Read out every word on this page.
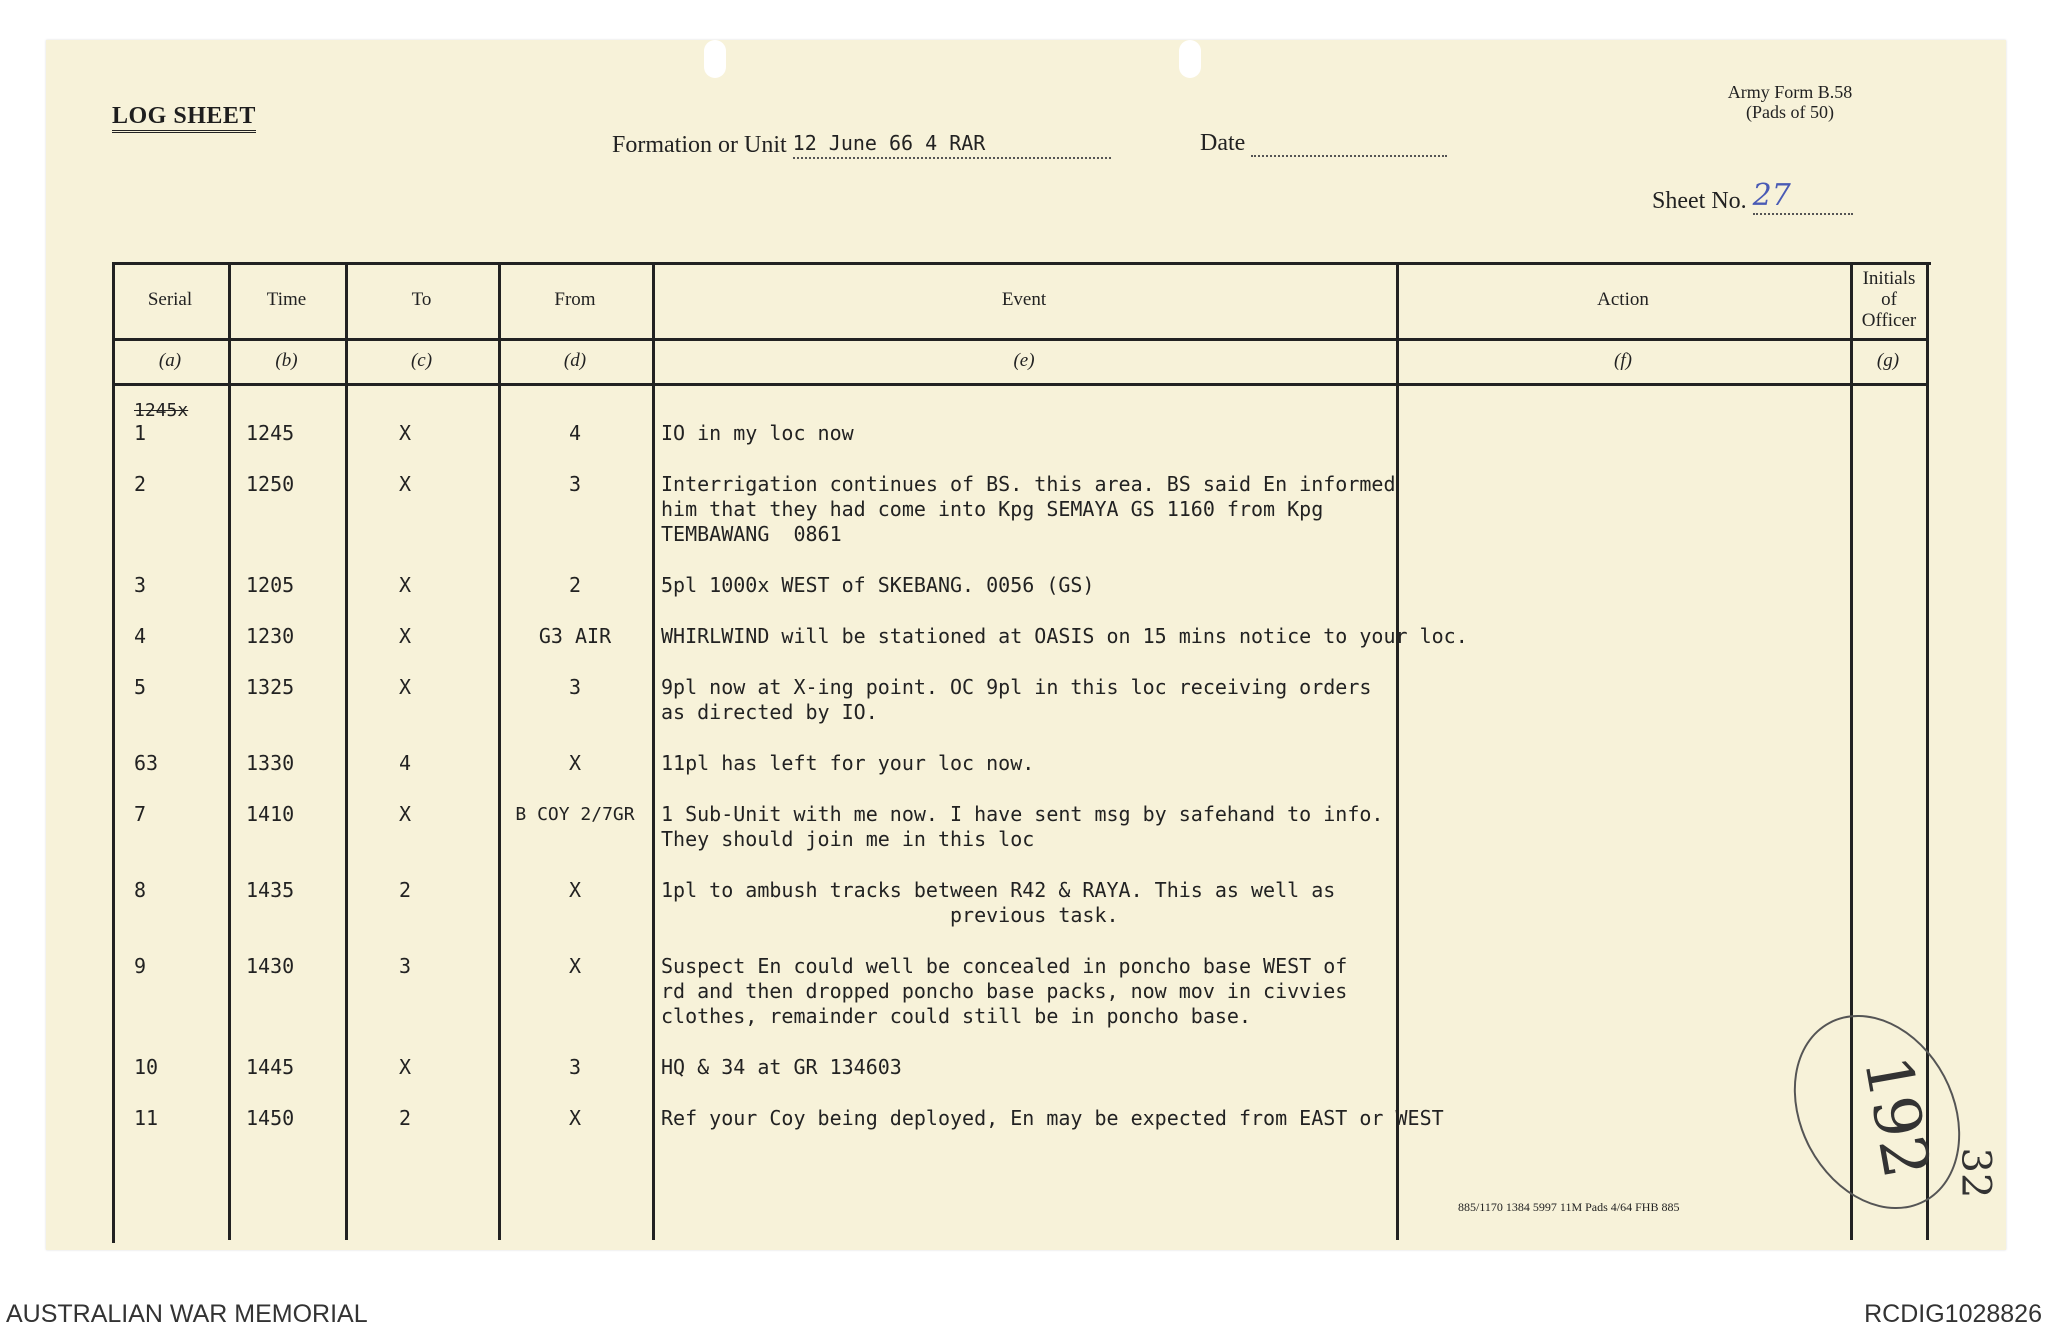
LOG SHEET
Formation or Unit 12 June 66 4 RAR	Date
Army Form B.58
(Pads of 50)
Sheet No. 27
Serial	Time	To	From	Event	Action
Initials of Officer
(a)	(b)	(c)	(d)	(e)	(f)	(g)
1245x
1	1245	X	4	IO in my loc now
2	1250	X	3	Interrigation continues of BS. this area. BS said En informed
him that they had come into Kpg SEMAYA GS 1160 from Kpg
TEMBAWANG  0861
3	1205	X	2	5pl 1000x WEST of SKEBANG. 0056 (GS)
4	1230	X	G3 AIR	WHIRLWIND will be stationed at OASIS on 15 mins notice to your loc.
5	1325	X	3	9pl now at X-ing point. OC 9pl in this loc receiving orders
as directed by IO.
63	1330	4	X	11pl has left for your loc now.
7	1410	X	B COY 2/7GR	1 Sub-Unit with me now. I have sent msg by safehand to info.
They should join me in this loc
8	1435	2	X	1pl to ambush tracks between R42 & RAYA. This as well as
previous task.
9	1430	3	X	Suspect En could well be concealed in poncho base WEST of
rd and then dropped poncho base packs, now mov in civvies
clothes, remainder could still be in poncho base.
10	1445	X	3	HQ & 34 at GR 134603
11	1450	2	X	Ref your Coy being deployed, En may be expected from EAST or WEST
885/1170 1384 5997 11M Pads 4/64 FHB 885
192 32
AUSTRALIAN WAR MEMORIAL	RCDIG1028826
